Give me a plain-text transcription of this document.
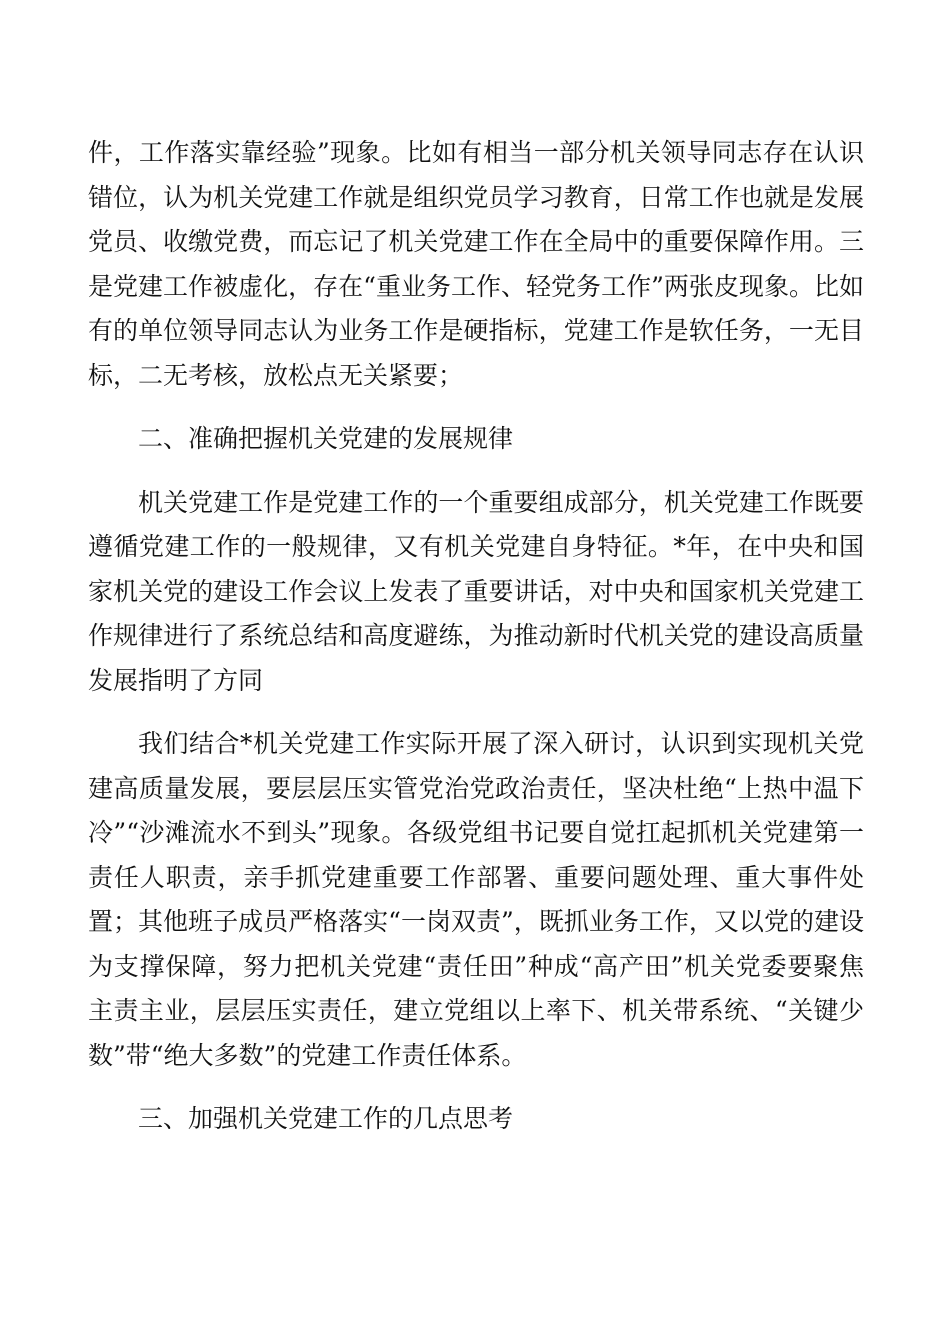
件，工作落实靠经验”现象。比如有相当一部分机关领导同志存在认识错位，认为机关党建工作就是组织党员学习教育，日常工作也就是发展党员、收缴党费，而忘记了机关党建工作在全局中的重要保障作用。三是党建工作被虚化，存在“重业务工作、轻党务工作”两张皮现象。比如有的单位领导同志认为业务工作是硬指标，党建工作是软任务，一无目标，二无考核，放松点无关紧要；

二、准确把握机关党建的发展规律

机关党建工作是党建工作的一个重要组成部分，机关党建工作既要遵循党建工作的一般规律，又有机关党建自身特征。*年，在中央和国家机关党的建设工作会议上发表了重要讲话，对中央和国家机关党建工作规律进行了系统总结和高度避练，为推动新时代机关党的建设高质量发展指明了方同

我们结合*机关党建工作实际开展了深入研讨，认识到实现机关党建高质量发展，要层层压实管党治党政治责任，坚决杜绝“上热中温下冷”“沙滩流水不到头”现象。各级党组书记要自觉扛起抓机关党建第一责任人职责，亲手抓党建重要工作部署、重要问题处理、重大事件处置；其他班子成员严格落实“一岗双责”，既抓业务工作，又以党的建设为支撑保障，努力把机关党建“责任田”种成“高产田”机关党委要聚焦主责主业，层层压实责任，建立党组以上率下、机关带系统、“关键少数”带“绝大多数”的党建工作责任体系。

三、加强机关党建工作的几点思考
